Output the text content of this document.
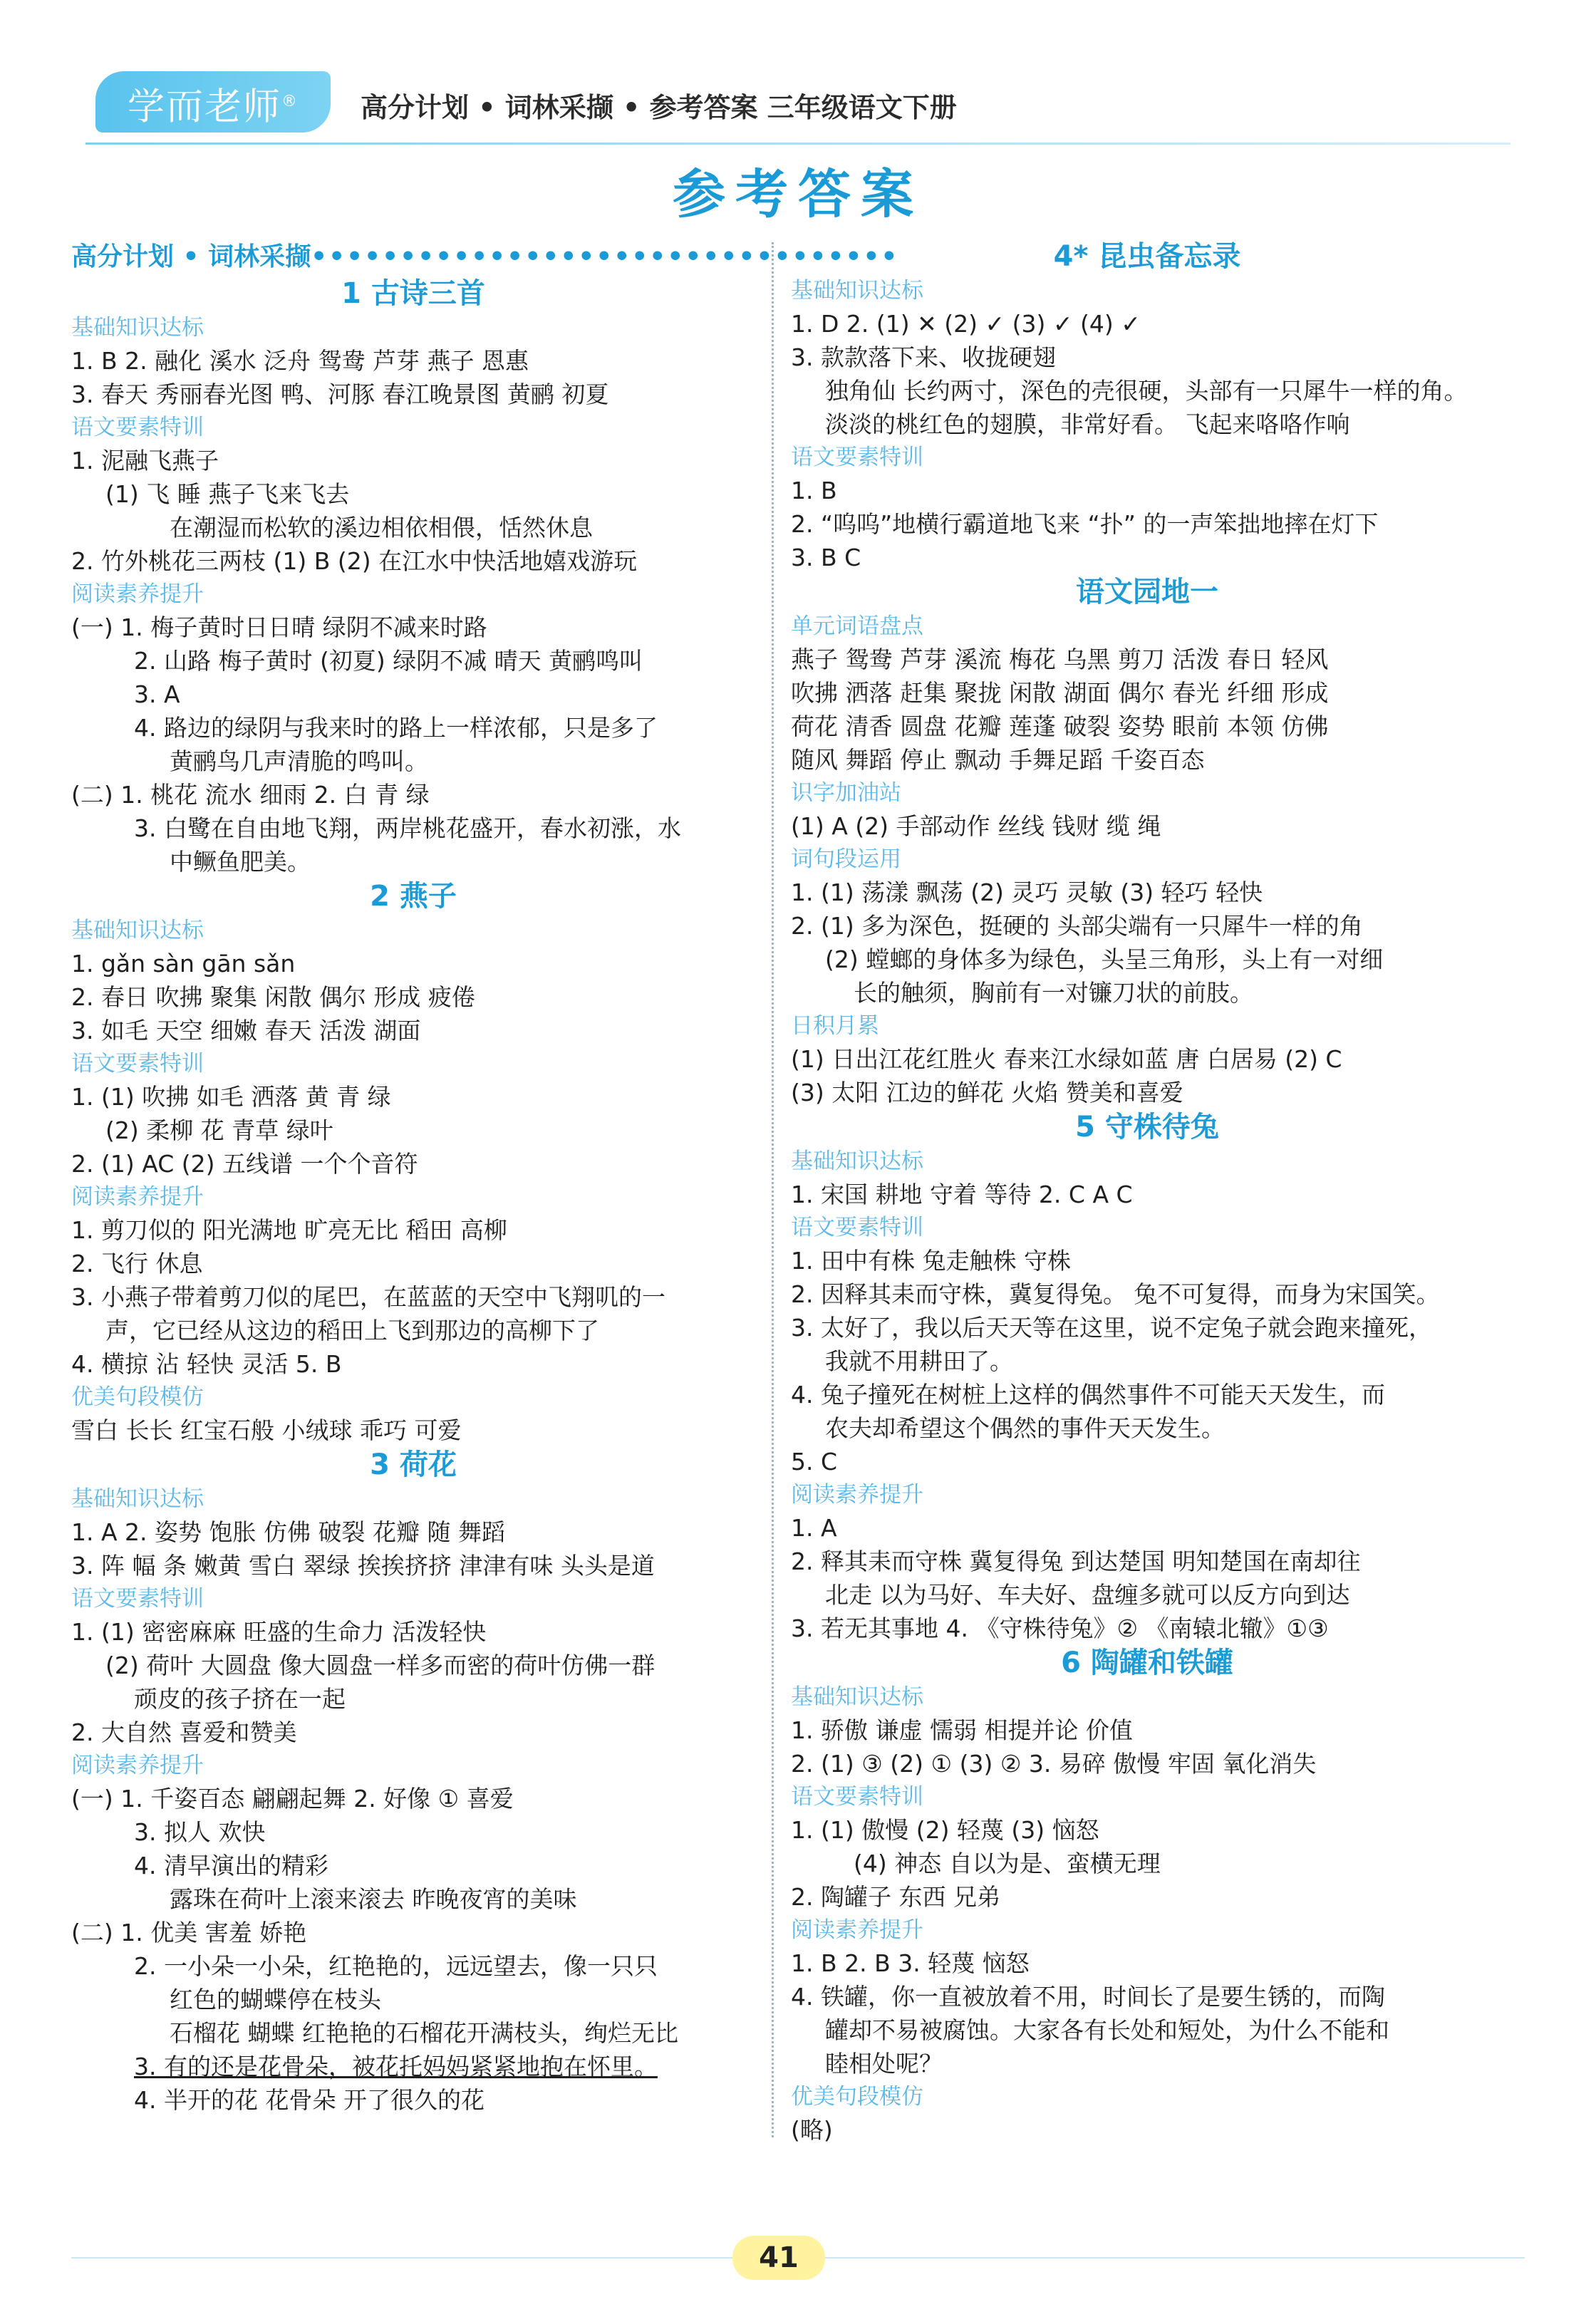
学而老师®	高分计划 • 词林采撷 • 参考答案 三年级语文下册
参考答案
高分计划 • 词林采撷•••••••••••••••••••••••••••••••••
1 古诗三首
基础知识达标
1. B 2. 融化 溪水 泛舟 鸳鸯 芦芽 燕子 恩惠
3. 春天 秀丽春光图 鸭、河豚 春江晚景图 黄鹂 初夏
语文要素特训
1. 泥融飞燕子
(1) 飞 睡 燕子飞来飞去
在潮湿而松软的溪边相依相偎，恬然休息
2. 竹外桃花三两枝 (1) B (2) 在江水中快活地嬉戏游玩
阅读素养提升
(一) 1. 梅子黄时日日晴 绿阴不减来时路
2. 山路 梅子黄时 (初夏) 绿阴不减 晴天 黄鹂鸣叫
3. A
4. 路边的绿阴与我来时的路上一样浓郁，只是多了
黄鹂鸟几声清脆的鸣叫。
(二) 1. 桃花 流水 细雨 2. 白 青 绿
3. 白鹭在自由地飞翔，两岸桃花盛开，春水初涨，水
中鳜鱼肥美。
2 燕子
基础知识达标
1. gǎn sàn gān sǎn
2. 春日 吹拂 聚集 闲散 偶尔 形成 疲倦
3. 如毛 天空 细嫩 春天 活泼 湖面
语文要素特训
1. (1) 吹拂 如毛 洒落 黄 青 绿
(2) 柔柳 花 青草 绿叶
2. (1) AC (2) 五线谱 一个个音符
阅读素养提升
1. 剪刀似的 阳光满地 旷亮无比 稻田 高柳
2. 飞行 休息
3. 小燕子带着剪刀似的尾巴，在蓝蓝的天空中飞翔叽的一
声，它已经从这边的稻田上飞到那边的高柳下了
4. 横掠 沾 轻快 灵活 5. B
优美句段模仿
雪白 长长 红宝石般 小绒球 乖巧 可爱
3 荷花
基础知识达标
1. A 2. 姿势 饱胀 仿佛 破裂 花瓣 随 舞蹈
3. 阵 幅 条 嫩黄 雪白 翠绿 挨挨挤挤 津津有味 头头是道
语文要素特训
1. (1) 密密麻麻 旺盛的生命力 活泼轻快
(2) 荷叶 大圆盘 像大圆盘一样多而密的荷叶仿佛一群
顽皮的孩子挤在一起
2. 大自然 喜爱和赞美
阅读素养提升
(一) 1. 千姿百态 翩翩起舞 2. 好像 ① 喜爱
3. 拟人 欢快
4. 清早演出的精彩
露珠在荷叶上滚来滚去 昨晚夜宵的美味
(二) 1. 优美 害羞 娇艳
2. 一小朵一小朵，红艳艳的，远远望去，像一只只
红色的蝴蝶停在枝头
石榴花 蝴蝶 红艳艳的石榴花开满枝头，绚烂无比
3. 有的还是花骨朵，被花托妈妈紧紧地抱在怀里。
4. 半开的花 花骨朵 开了很久的花
4* 昆虫备忘录
基础知识达标
1. D 2. (1) ✕ (2) ✓ (3) ✓ (4) ✓
3. 款款落下来、收拢硬翅
独角仙 长约两寸，深色的壳很硬，头部有一只犀牛一样的角。
淡淡的桃红色的翅膜，非常好看。 飞起来咯咯作响
语文要素特训
1. B
2. “呜呜”地横行霸道地飞来 “扑” 的一声笨拙地摔在灯下
3. B C
语文园地一
单元词语盘点
燕子 鸳鸯 芦芽 溪流 梅花 乌黑 剪刀 活泼 春日 轻风
吹拂 洒落 赶集 聚拢 闲散 湖面 偶尔 春光 纤细 形成
荷花 清香 圆盘 花瓣 莲蓬 破裂 姿势 眼前 本领 仿佛
随风 舞蹈 停止 飘动 手舞足蹈 千姿百态
识字加油站
(1) A (2) 手部动作 丝线 钱财 缆 绳
词句段运用
1. (1) 荡漾 飘荡 (2) 灵巧 灵敏 (3) 轻巧 轻快
2. (1) 多为深色，挺硬的 头部尖端有一只犀牛一样的角
(2) 螳螂的身体多为绿色，头呈三角形，头上有一对细
长的触须，胸前有一对镰刀状的前肢。
日积月累
(1) 日出江花红胜火 春来江水绿如蓝 唐 白居易 (2) C
(3) 太阳 江边的鲜花 火焰 赞美和喜爱
5 守株待兔
基础知识达标
1. 宋国 耕地 守着 等待 2. C A C
语文要素特训
1. 田中有株 兔走触株 守株
2. 因释其耒而守株，冀复得兔。 兔不可复得，而身为宋国笑。
3. 太好了，我以后天天等在这里，说不定兔子就会跑来撞死，
我就不用耕田了。
4. 兔子撞死在树桩上这样的偶然事件不可能天天发生，而
农夫却希望这个偶然的事件天天发生。
5. C
阅读素养提升
1. A
2. 释其耒而守株 冀复得兔 到达楚国 明知楚国在南却往
北走 以为马好、车夫好、盘缠多就可以反方向到达
3. 若无其事地 4. 《守株待兔》② 《南辕北辙》①③
6 陶罐和铁罐
基础知识达标
1. 骄傲 谦虚 懦弱 相提并论 价值
2. (1) ③ (2) ① (3) ② 3. 易碎 傲慢 牢固 氧化消失
语文要素特训
1. (1) 傲慢 (2) 轻蔑 (3) 恼怒
(4) 神态 自以为是、蛮横无理
2. 陶罐子 东西 兄弟
阅读素养提升
1. B 2. B 3. 轻蔑 恼怒
4. 铁罐，你一直被放着不用，时间长了是要生锈的，而陶
罐却不易被腐蚀。大家各有长处和短处，为什么不能和
睦相处呢？
优美句段模仿
(略)
41
